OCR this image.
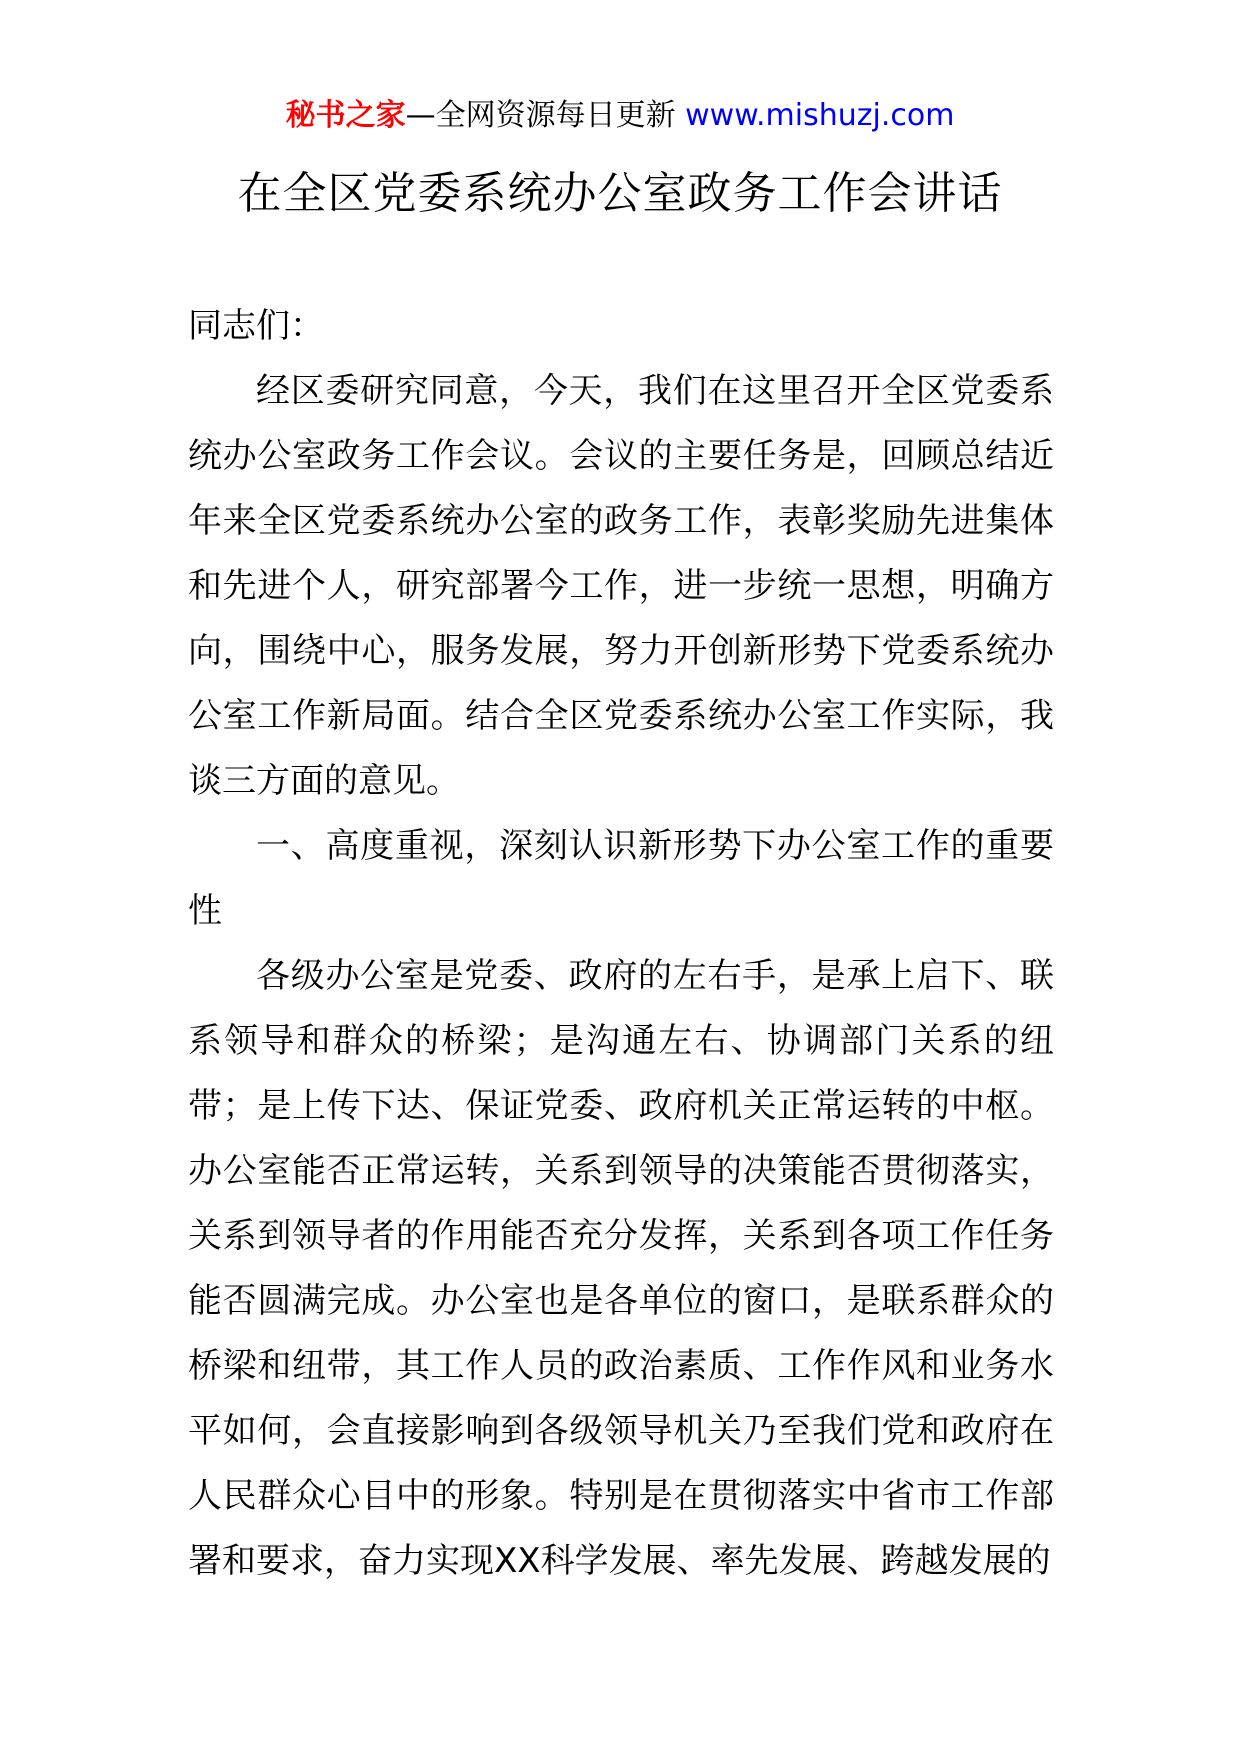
秘书之家—全网资源每日更新 www.mishuzj.com
在全区党委系统办公室政务工作会讲话

同志们：

经区委研究同意，今天，我们在这里召开全区党委系统办公室政务工作会议。会议的主要任务是，回顾总结近年来全区党委系统办公室的政务工作，表彰奖励先进集体和先进个人，研究部署今工作，进一步统一思想，明确方向，围绕中心，服务发展，努力开创新形势下党委系统办公室工作新局面。结合全区党委系统办公室工作实际，我谈三方面的意见。

一、高度重视，深刻认识新形势下办公室工作的重要性

各级办公室是党委、政府的左右手，是承上启下、联系领导和群众的桥梁；是沟通左右、协调部门关系的纽带；是上传下达、保证党委、政府机关正常运转的中枢。办公室能否正常运转，关系到领导的决策能否贯彻落实，关系到领导者的作用能否充分发挥，关系到各项工作任务能否圆满完成。办公室也是各单位的窗口，是联系群众的桥梁和纽带，其工作人员的政治素质、工作作风和业务水平如何，会直接影响到各级领导机关乃至我们党和政府在人民群众心目中的形象。特别是在贯彻落实中省市工作部署和要求，奋力实现XX科学发展、率先发展、跨越发展的
